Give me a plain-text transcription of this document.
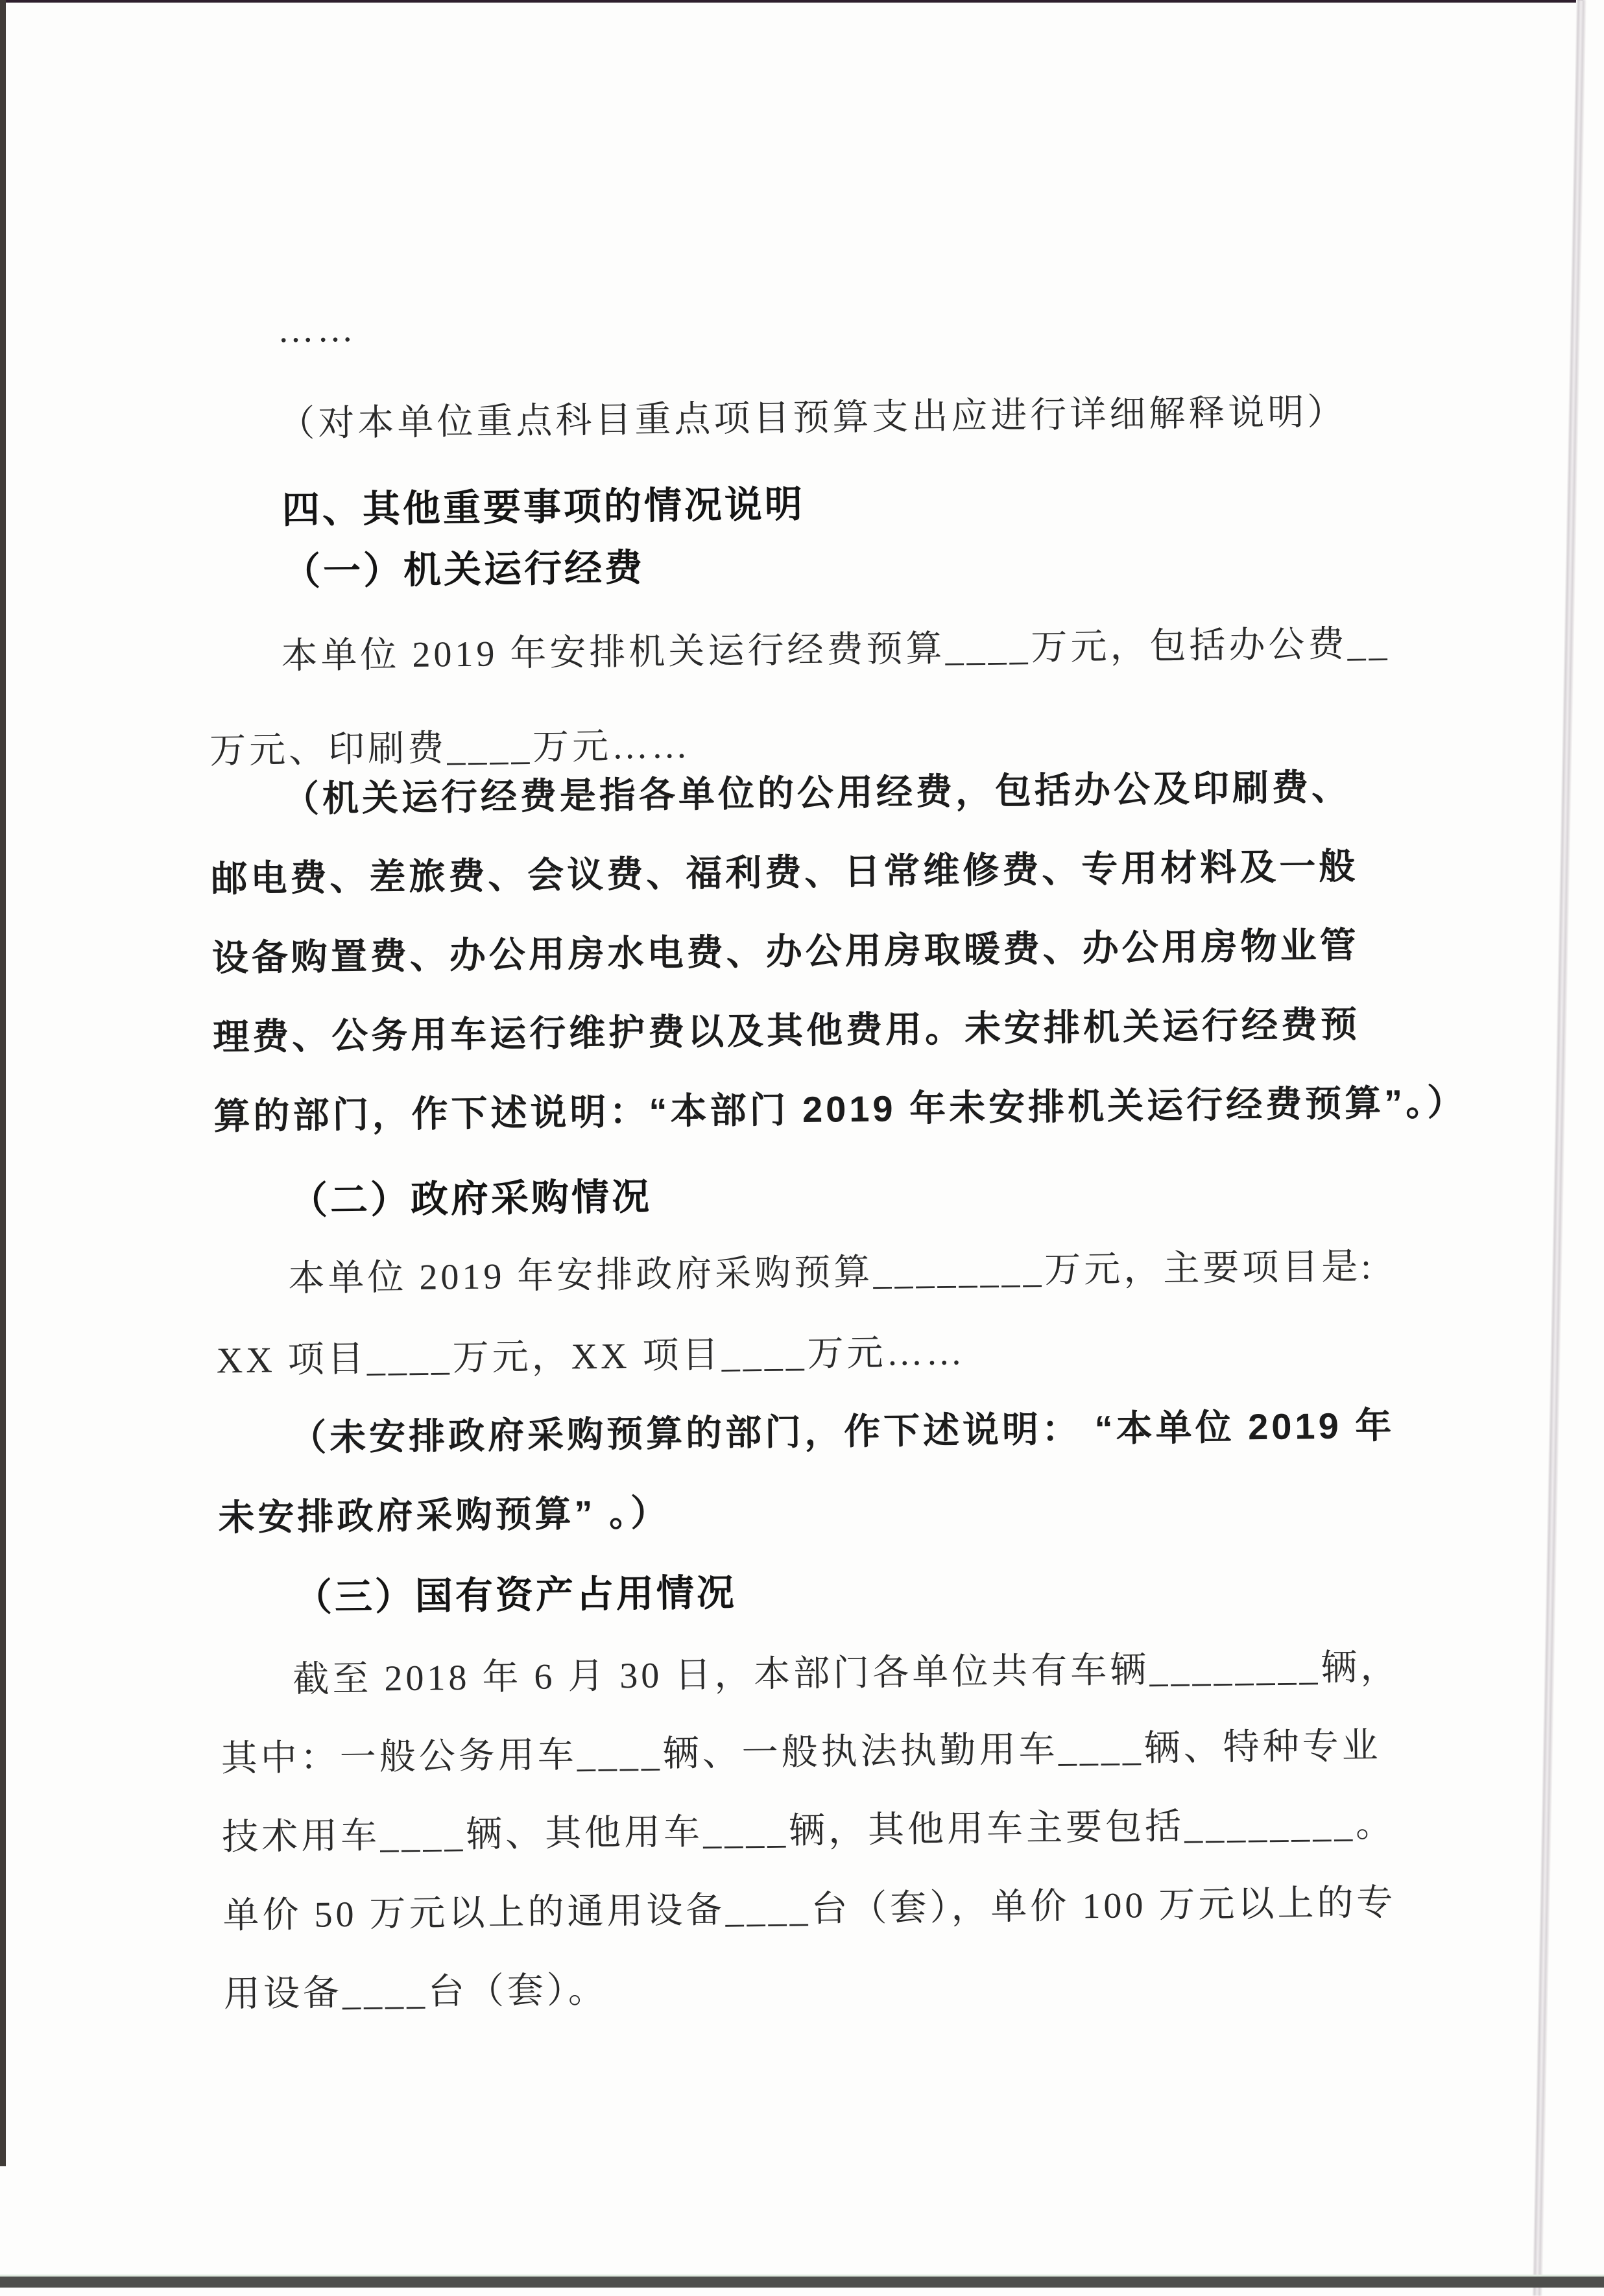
……
（对本单位重点科目重点项目预算支出应进行详细解释说明）
四、其他重要事项的情况说明
（一）机关运行经费
本单位 2019 年安排机关运行经费预算____万元，包括办公费__
万元、印刷费____万元……
（机关运行经费是指各单位的公用经费，包括办公及印刷费、
邮电费、差旅费、会议费、福利费、日常维修费、专用材料及一般
设备购置费、办公用房水电费、办公用房取暖费、办公用房物业管
理费、公务用车运行维护费以及其他费用。未安排机关运行经费预
算的部门，作下述说明：“本部门 2019 年未安排机关运行经费预算”。）
（二）政府采购情况
本单位 2019 年安排政府采购预算________万元，主要项目是:
XX 项目____万元，XX 项目____万元……
（未安排政府采购预算的部门，作下述说明： “本单位 2019 年
未安排政府采购预算” 。）
（三）国有资产占用情况
截至 2018 年 6 月 30 日，本部门各单位共有车辆________辆，
其中：一般公务用车____辆、一般执法执勤用车____辆、特种专业
技术用车____辆、其他用车____辆，其他用车主要包括________。
单价 50 万元以上的通用设备____台（套），单价 100 万元以上的专
用设备____台（套）。
